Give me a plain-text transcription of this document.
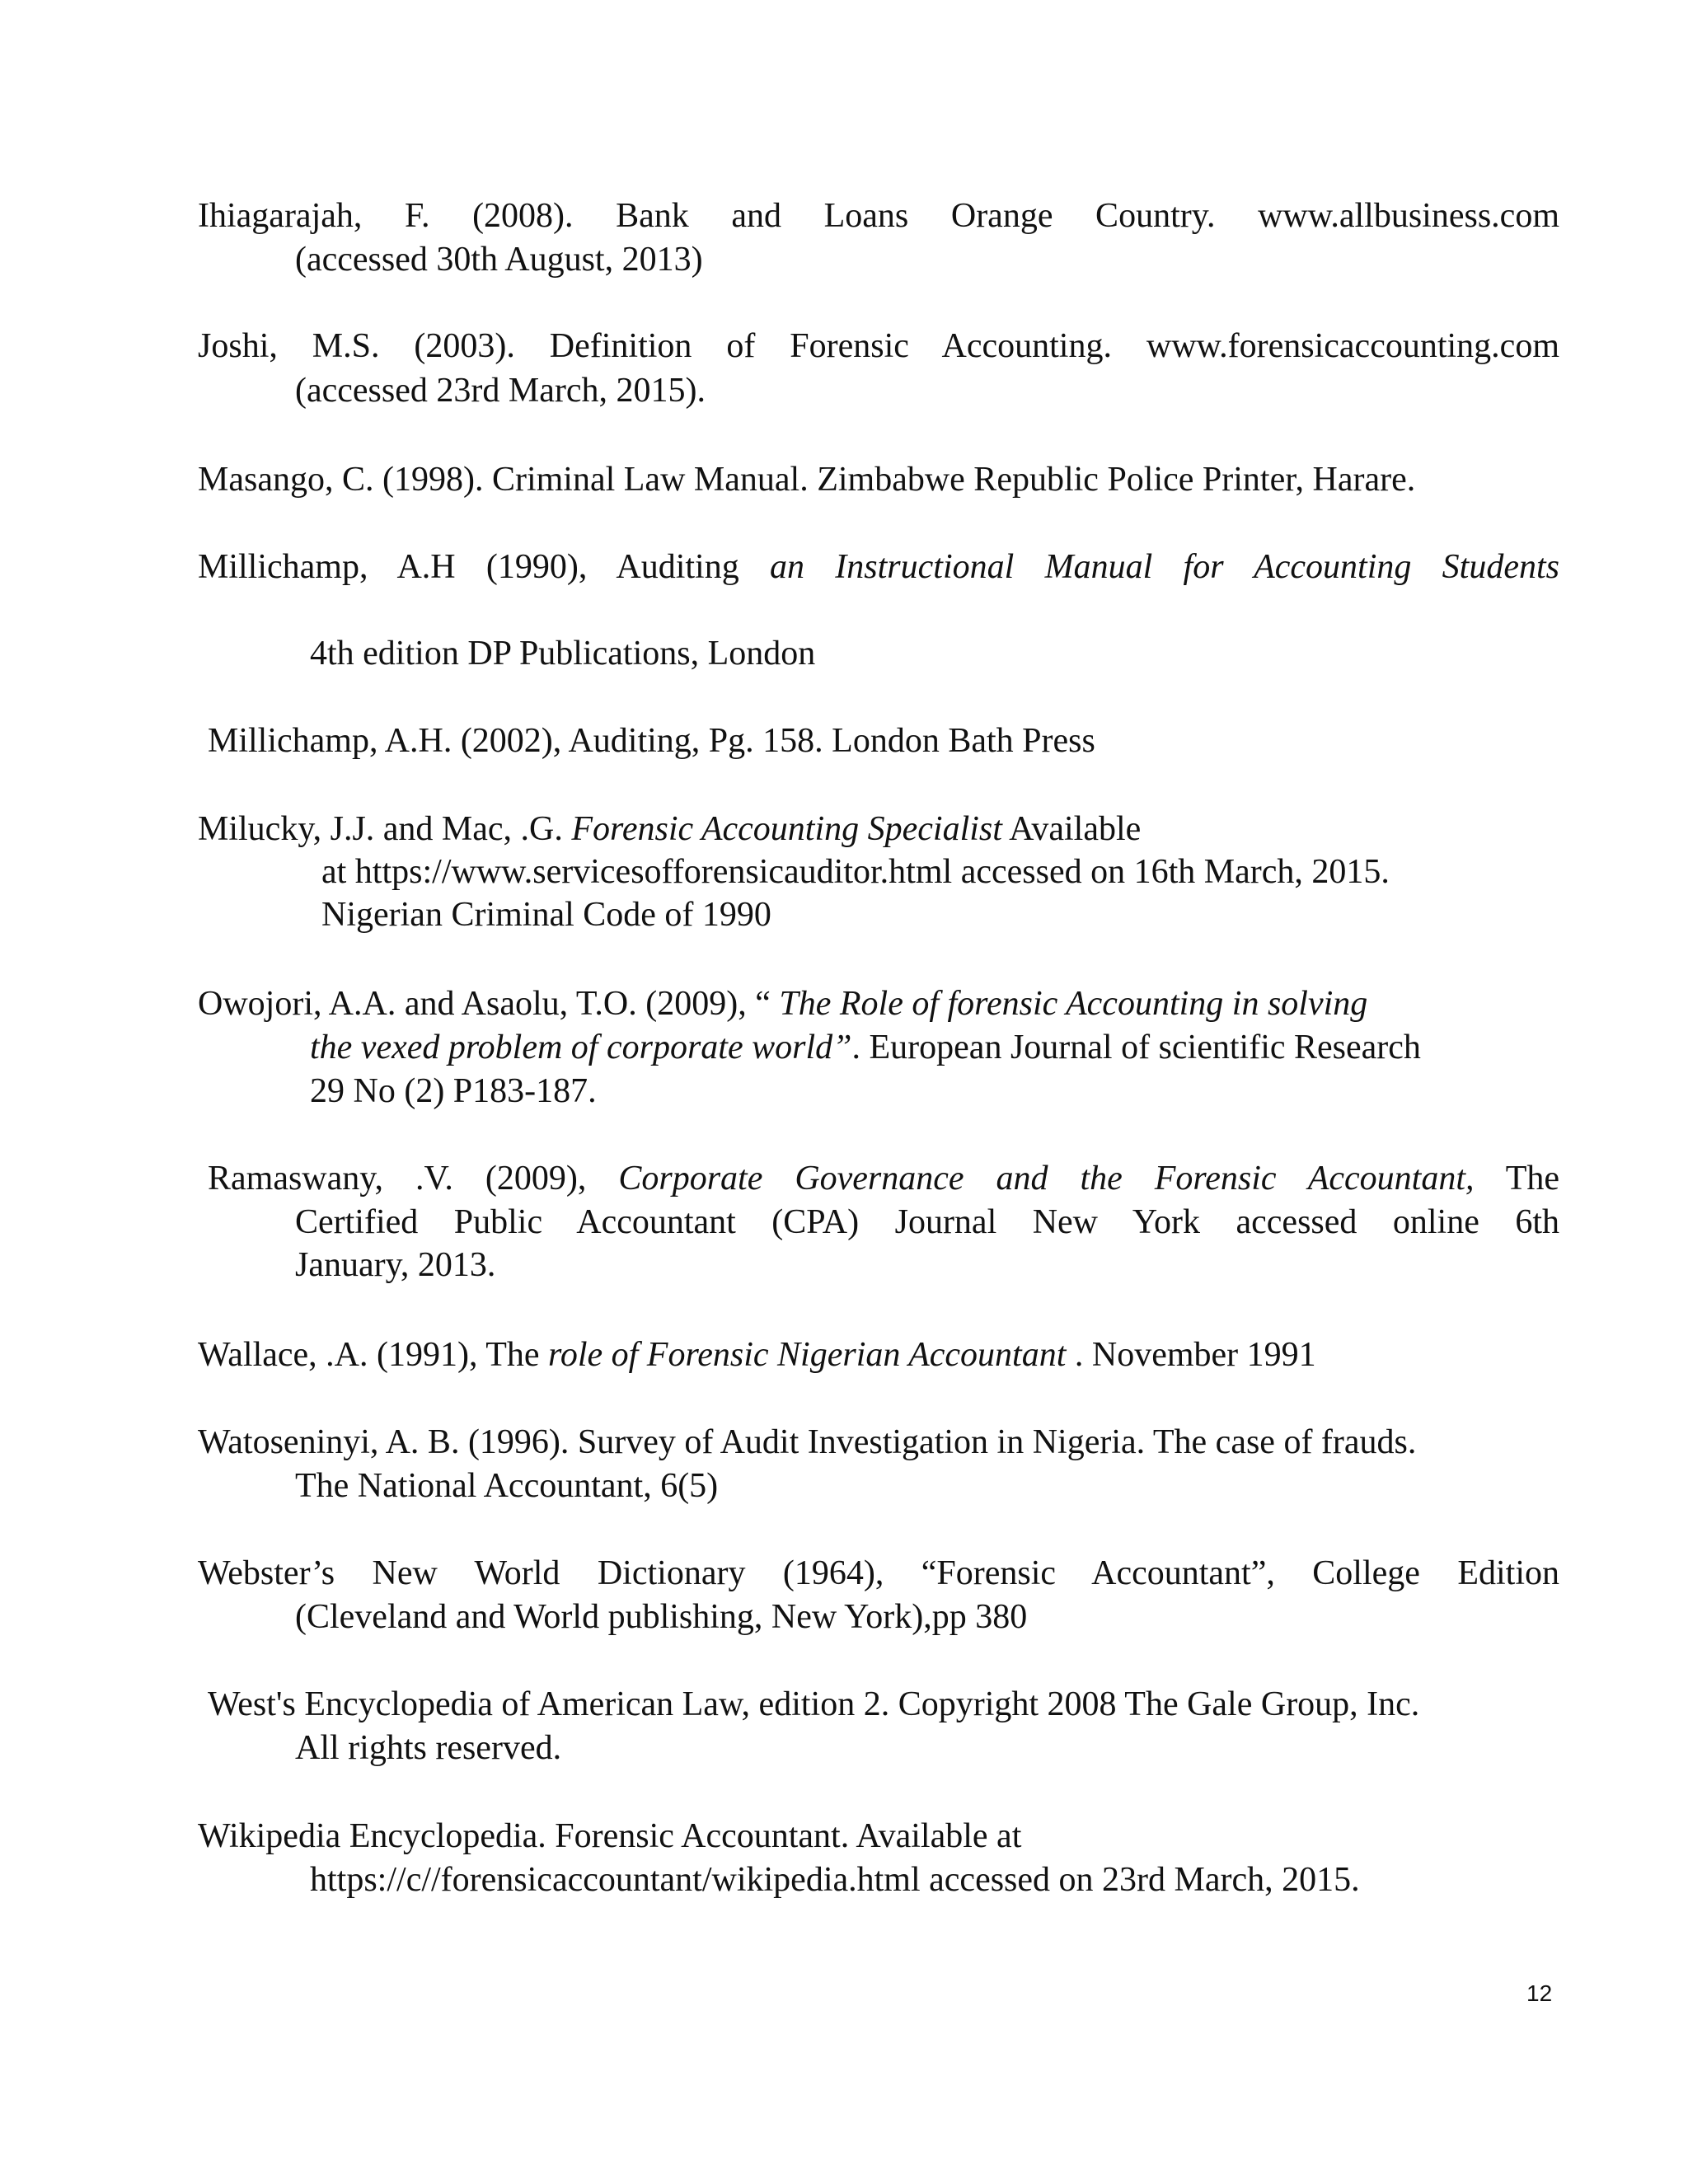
Ihiagarajah, F. (2008). Bank and Loans Orange Country. www.allbusiness.com
(accessed 30th August, 2013)
Joshi, M.S. (2003). Definition of Forensic Accounting. www.forensicaccounting.com
(accessed 23rd March, 2015).
Masango, C. (1998). Criminal Law Manual. Zimbabwe Republic Police Printer, Harare.
Millichamp, A.H (1990), Auditing an Instructional Manual for Accounting Students
4th edition DP Publications, London
Millichamp, A.H. (2002), Auditing, Pg. 158. London Bath Press
Milucky, J.J. and Mac, .G. Forensic Accounting Specialist Available
at https://www.servicesofforensicauditor.html accessed on 16th March, 2015.
Nigerian Criminal Code of 1990
Owojori, A.A. and Asaolu, T.O. (2009), “ The Role of forensic Accounting in solving
the vexed problem of corporate world”. European Journal of scientific Research
29 No (2) P183-187.
Ramaswany, .V. (2009), Corporate Governance and the Forensic Accountant, The
Certified Public Accountant (CPA) Journal New York accessed online 6th
January, 2013.
Wallace, .A. (1991), The role of Forensic Nigerian Accountant . November 1991
Watoseninyi, A. B. (1996). Survey of Audit Investigation in Nigeria. The case of frauds.
The National Accountant, 6(5)
Webster’s New World Dictionary (1964), “Forensic Accountant”, College Edition
(Cleveland and World publishing, New York),pp 380
West's Encyclopedia of American Law, edition 2. Copyright 2008 The Gale Group, Inc.
All rights reserved.
Wikipedia Encyclopedia. Forensic Accountant. Available at
https://c//forensicaccountant/wikipedia.html accessed on 23rd March, 2015.
12
